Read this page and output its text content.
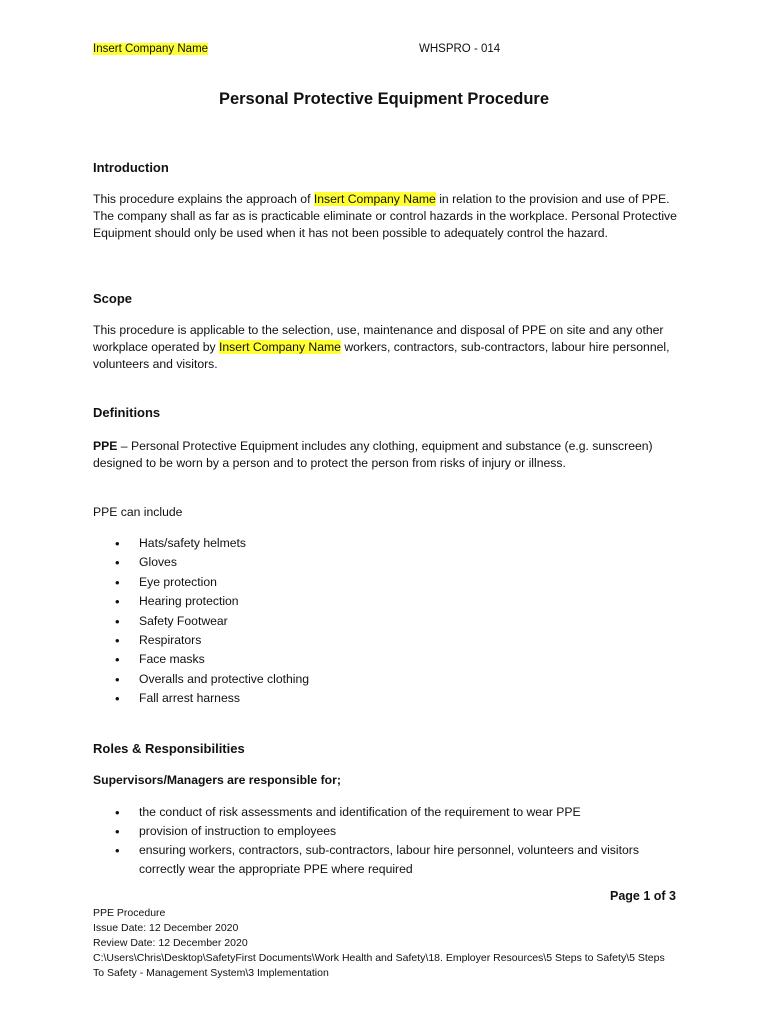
Insert Company Name	WHSPRO - 014
Personal Protective Equipment Procedure
Introduction
This procedure explains the approach of Insert Company Name in relation to the provision and use of PPE. The company shall as far as is practicable eliminate or control hazards in the workplace. Personal Protective Equipment should only be used when it has not been possible to adequately control the hazard.
Scope
This procedure is applicable to the selection, use, maintenance and disposal of PPE on site and any other workplace operated by Insert Company Name workers, contractors, sub-contractors, labour hire personnel, volunteers and visitors.
Definitions
PPE – Personal Protective Equipment includes any clothing, equipment and substance (e.g. sunscreen) designed to be worn by a person and to protect the person from risks of injury or illness.
PPE can include
• Hats/safety helmets
• Gloves
• Eye protection
• Hearing protection
• Safety Footwear
• Respirators
• Face masks
• Overalls and protective clothing
• Fall arrest harness
Roles & Responsibilities
Supervisors/Managers are responsible for;
• the conduct of risk assessments and identification of the requirement to wear PPE
• provision of instruction to employees
• ensuring workers, contractors, sub-contractors, labour hire personnel, volunteers and visitors correctly wear the appropriate PPE where required
Page 1 of 3
PPE Procedure
Issue Date: 12 December 2020
Review Date: 12 December 2020
C:\Users\Chris\Desktop\SafetyFirst Documents\Work Health and Safety\18. Employer Resources\5 Steps to Safety\5 Steps To Safety - Management System\3 Implementation
